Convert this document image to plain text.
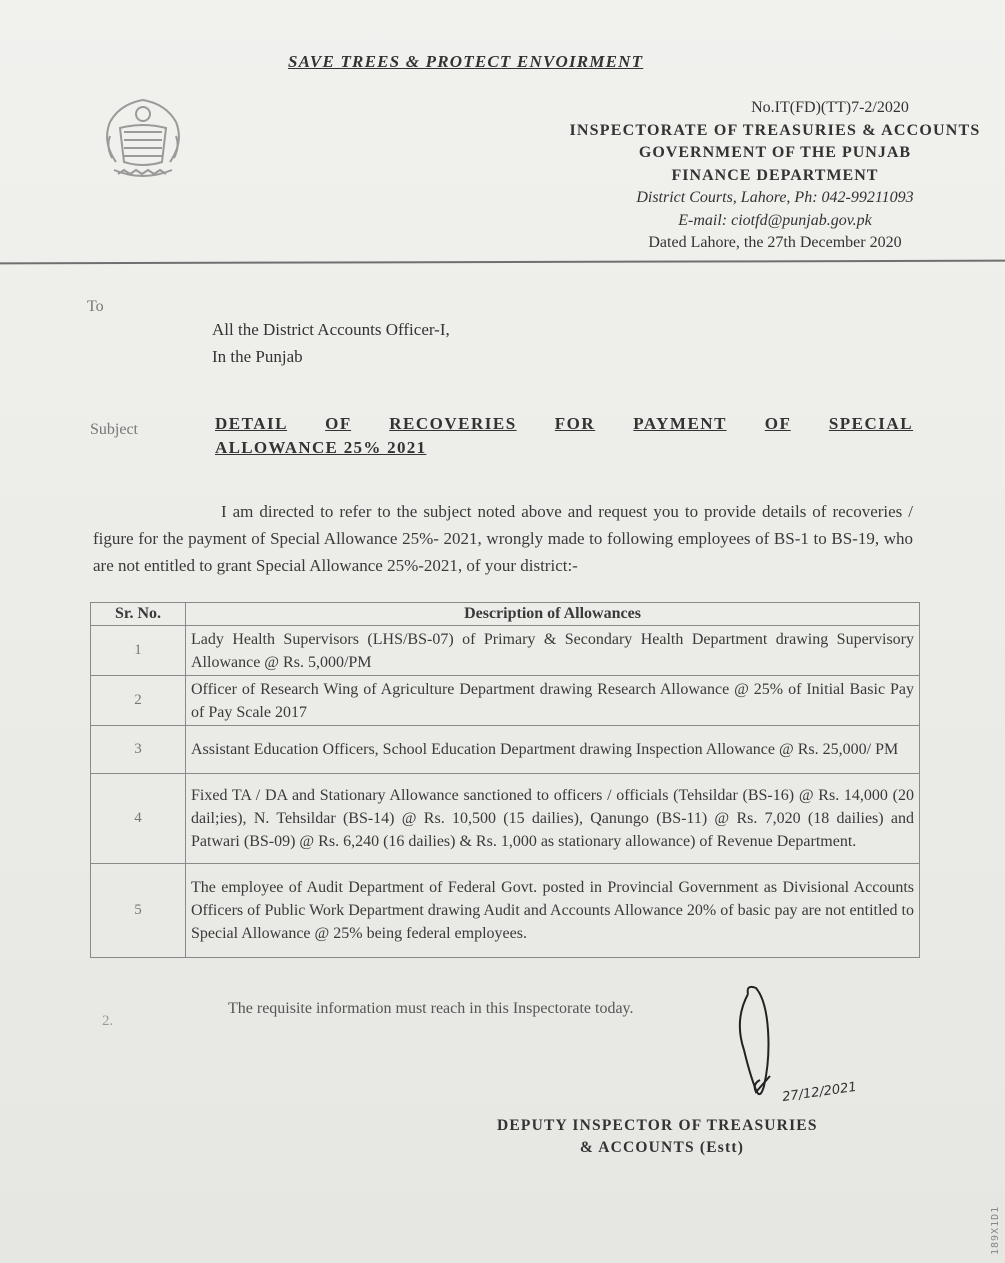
SAVE TREES & PROTECT ENVOIRMENT
No.IT(FD)(TT)7-2/2020
INSPECTORATE OF TREASURIES & ACCOUNTS
GOVERNMENT OF THE PUNJAB
FINANCE DEPARTMENT
District Courts, Lahore, Ph: 042-99211093
E-mail: ciotfd@punjab.gov.pk
Dated Lahore, the 27th December 2020
To
All the District Accounts Officer-I,
In the Punjab
Subject	DETAIL OF RECOVERIES FOR PAYMENT OF SPECIAL
ALLOWANCE 25% 2021
I am directed to refer to the subject noted above and request you to provide details of recoveries / figure for the payment of Special Allowance 25%- 2021, wrongly made to following employees of BS-1 to BS-19, who are not entitled to grant Special Allowance 25%-2021, of your district:-
Sr. No.	Description of Allowances
1	Lady Health Supervisors (LHS/BS-07) of Primary & Secondary Health Department drawing Supervisory Allowance @ Rs. 5,000/PM
2	Officer of Research Wing of Agriculture Department drawing Research Allowance @ 25% of Initial Basic Pay of Pay Scale 2017
3	Assistant Education Officers, School Education Department drawing Inspection Allowance @ Rs. 25,000/ PM
4	Fixed TA / DA and Stationary Allowance sanctioned to officers / officials (Tehsildar (BS-16) @ Rs. 14,000 (20 dail;ies), N. Tehsildar (BS-14) @ Rs. 10,500 (15 dailies), Qanungo (BS-11) @ Rs. 7,020 (18 dailies) and Patwari (BS-09) @ Rs. 6,240 (16 dailies) & Rs. 1,000 as stationary allowance) of Revenue Department.
5	The employee of Audit Department of Federal Govt. posted in Provincial Government as Divisional Accounts Officers of Public Work Department drawing Audit and Accounts Allowance 20% of basic pay are not entitled to Special Allowance @ 25% being federal employees.
2.
The requisite information must reach in this Inspectorate today.
27/12/2021
DEPUTY INSPECTOR OF TREASURIES
& ACCOUNTS (Estt)
189X1D1
